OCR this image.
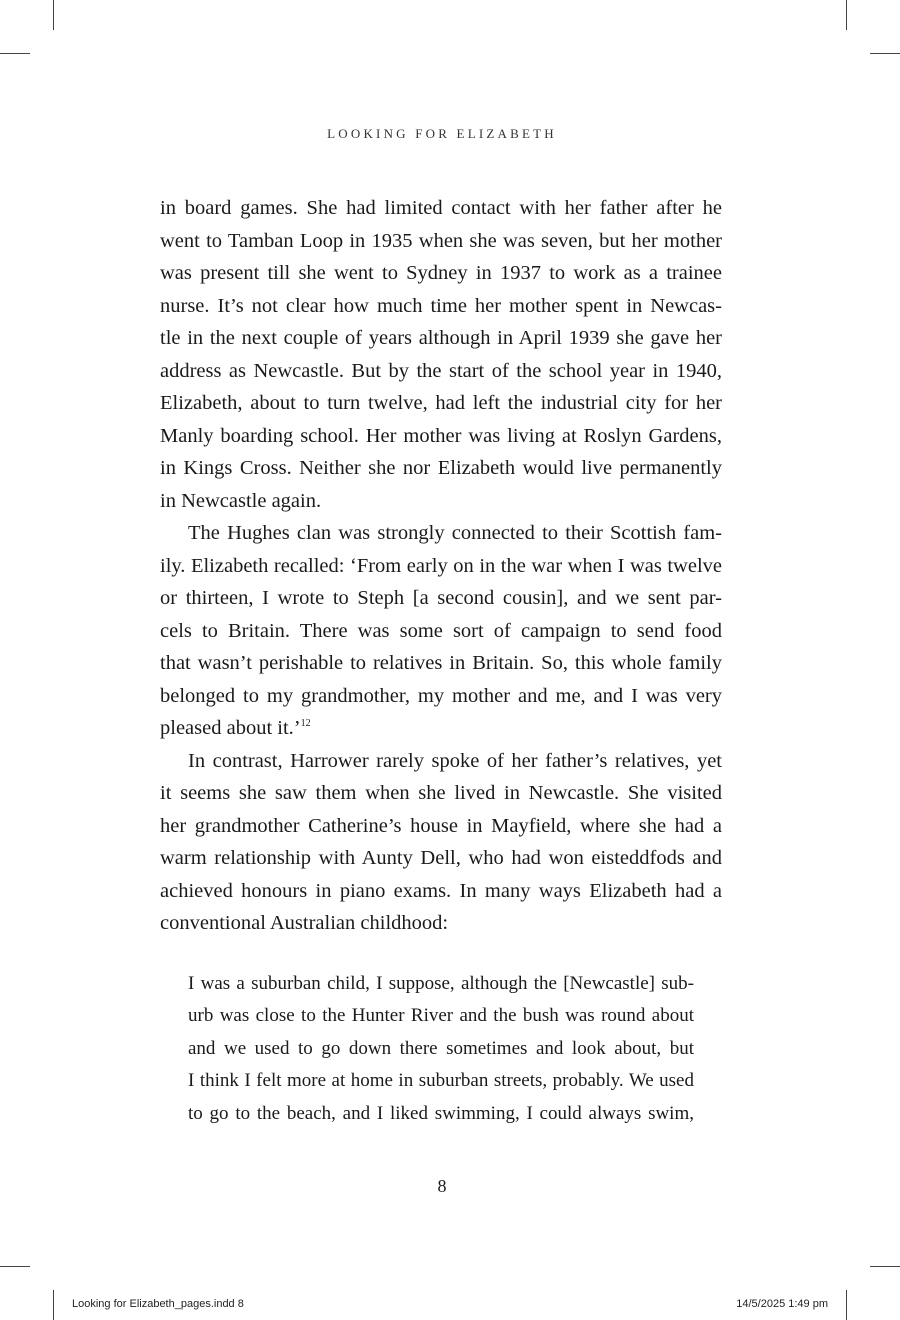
LOOKING FOR ELIZABETH
in board games. She had limited contact with her father after he
went to Tamban Loop in 1935 when she was seven, but her mother
was present till she went to Sydney in 1937 to work as a trainee
nurse. It’s not clear how much time her mother spent in Newcas-
tle in the next couple of years although in April 1939 she gave her
address as Newcastle. But by the start of the school year in 1940,
Elizabeth, about to turn twelve, had left the industrial city for her
Manly boarding school. Her mother was living at Roslyn Gardens,
in Kings Cross. Neither she nor Elizabeth would live permanently
in Newcastle again.
The Hughes clan was strongly connected to their Scottish fam-
ily. Elizabeth recalled: ‘From early on in the war when I was twelve
or thirteen, I wrote to Steph [a second cousin], and we sent par-
cels to Britain. There was some sort of campaign to send food
that wasn’t perishable to relatives in Britain. So, this whole family
belonged to my grandmother, my mother and me, and I was very
pleased about it.’$^{12}$
In contrast, Harrower rarely spoke of her father’s relatives, yet
it seems she saw them when she lived in Newcastle. She visited
her grandmother Catherine’s house in Mayfield, where she had a
warm relationship with Aunty Dell, who had won eisteddfods and
achieved honours in piano exams. In many ways Elizabeth had a
conventional Australian childhood:
I was a suburban child, I suppose, although the [Newcastle] sub-
urb was close to the Hunter River and the bush was round about
and we used to go down there sometimes and look about, but
I think I felt more at home in suburban streets, probably. We used
to go to the beach, and I liked swimming, I could always swim,
8
Looking for Elizabeth_pages.indd 8	14/5/2025 1:49 pm
